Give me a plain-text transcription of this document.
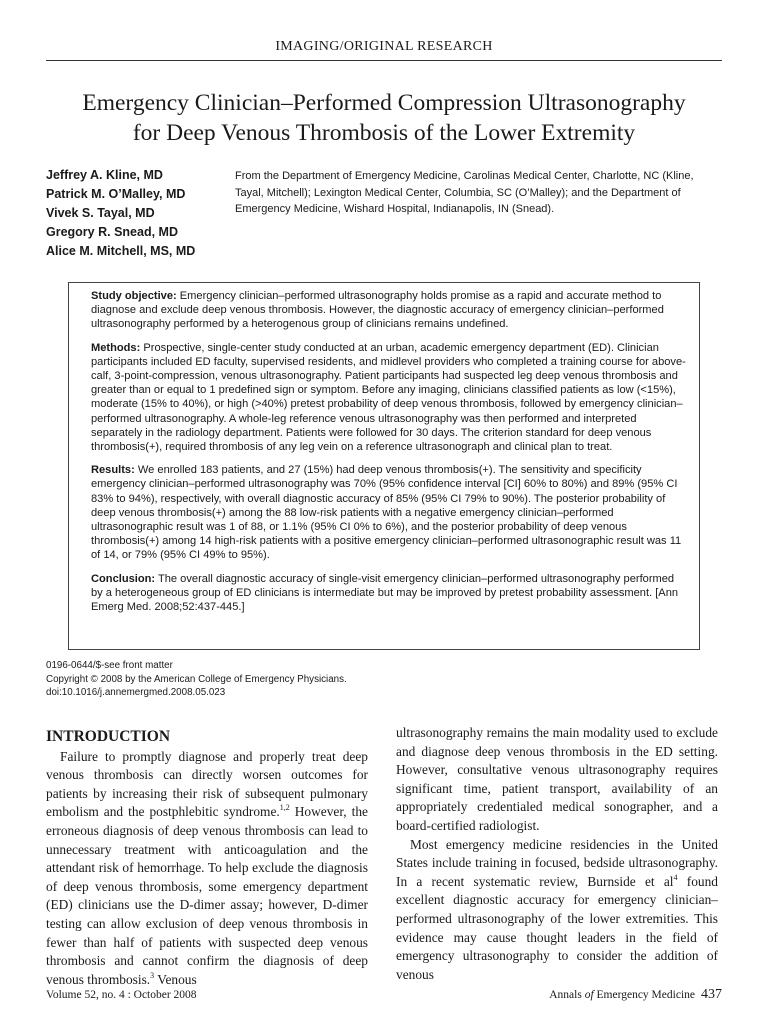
IMAGING/ORIGINAL RESEARCH
Emergency Clinician–Performed Compression Ultrasonography
for Deep Venous Thrombosis of the Lower Extremity
Jeffrey A. Kline, MD
Patrick M. O’Malley, MD
Vivek S. Tayal, MD
Gregory R. Snead, MD
Alice M. Mitchell, MS, MD
From the Department of Emergency Medicine, Carolinas Medical Center, Charlotte, NC (Kline, Tayal, Mitchell); Lexington Medical Center, Columbia, SC (O’Malley); and the Department of Emergency Medicine, Wishard Hospital, Indianapolis, IN (Snead).

Study objective: Emergency clinician–performed ultrasonography holds promise as a rapid and accurate method to diagnose and exclude deep venous thrombosis. However, the diagnostic accuracy of emergency clinician–performed ultrasonography performed by a heterogenous group of clinicians remains undefined.

Methods: Prospective, single-center study conducted at an urban, academic emergency department (ED). Clinician participants included ED faculty, supervised residents, and midlevel providers who completed a training course for above-calf, 3-point-compression, venous ultrasonography. Patient participants had suspected leg deep venous thrombosis and greater than or equal to 1 predefined sign or symptom. Before any imaging, clinicians classified patients as low (<15%), moderate (15% to 40%), or high (>40%) pretest probability of deep venous thrombosis, followed by emergency clinician–performed ultrasonography. A whole-leg reference venous ultrasonography was then performed and interpreted separately in the radiology department. Patients were followed for 30 days. The criterion standard for deep venous thrombosis(+), required thrombosis of any leg vein on a reference ultrasonograph and clinical plan to treat.

Results: We enrolled 183 patients, and 27 (15%) had deep venous thrombosis(+). The sensitivity and specificity emergency clinician–performed ultrasonography was 70% (95% confidence interval [CI] 60% to 80%) and 89% (95% CI 83% to 94%), respectively, with overall diagnostic accuracy of 85% (95% CI 79% to 90%). The posterior probability of deep venous thrombosis(+) among the 88 low-risk patients with a negative emergency clinician–performed ultrasonographic result was 1 of 88, or 1.1% (95% CI 0% to 6%), and the posterior probability of deep venous thrombosis(+) among 14 high-risk patients with a positive emergency clinician–performed ultrasonographic result was 11 of 14, or 79% (95% CI 49% to 95%).

Conclusion: The overall diagnostic accuracy of single-visit emergency clinician–performed ultrasonography performed by a heterogeneous group of ED clinicians is intermediate but may be improved by pretest probability assessment. [Ann Emerg Med. 2008;52:437-445.]

0196-0644/$-see front matter
Copyright © 2008 by the American College of Emergency Physicians.
doi:10.1016/j.annemergmed.2008.05.023

INTRODUCTION

Failure to promptly diagnose and properly treat deep venous thrombosis can directly worsen outcomes for patients by increasing their risk of subsequent pulmonary embolism and the postphlebitic syndrome.$^{1,2}$ However, the erroneous diagnosis of deep venous thrombosis can lead to unnecessary treatment with anticoagulation and the attendant risk of hemorrhage. To help exclude the diagnosis of deep venous thrombosis, some emergency department (ED) clinicians use the D-dimer assay; however, D-dimer testing can allow exclusion of deep venous thrombosis in fewer than half of patients with suspected deep venous thrombosis and cannot confirm the diagnosis of deep venous thrombosis.$^3$ Venous

ultrasonography remains the main modality used to exclude and diagnose deep venous thrombosis in the ED setting. However, consultative venous ultrasonography requires significant time, patient transport, availability of an appropriately credentialed medical sonographer, and a board-certified radiologist.

Most emergency medicine residencies in the United States include training in focused, bedside ultrasonography. In a recent systematic review, Burnside et $al^4$ found excellent diagnostic accuracy for emergency clinician–performed ultrasonography of the lower extremities. This evidence may cause thought leaders in the field of emergency ultrasonography to consider the addition of venous

Volume 52, no. 4 : October 2008	Annals of Emergency Medicine 437
